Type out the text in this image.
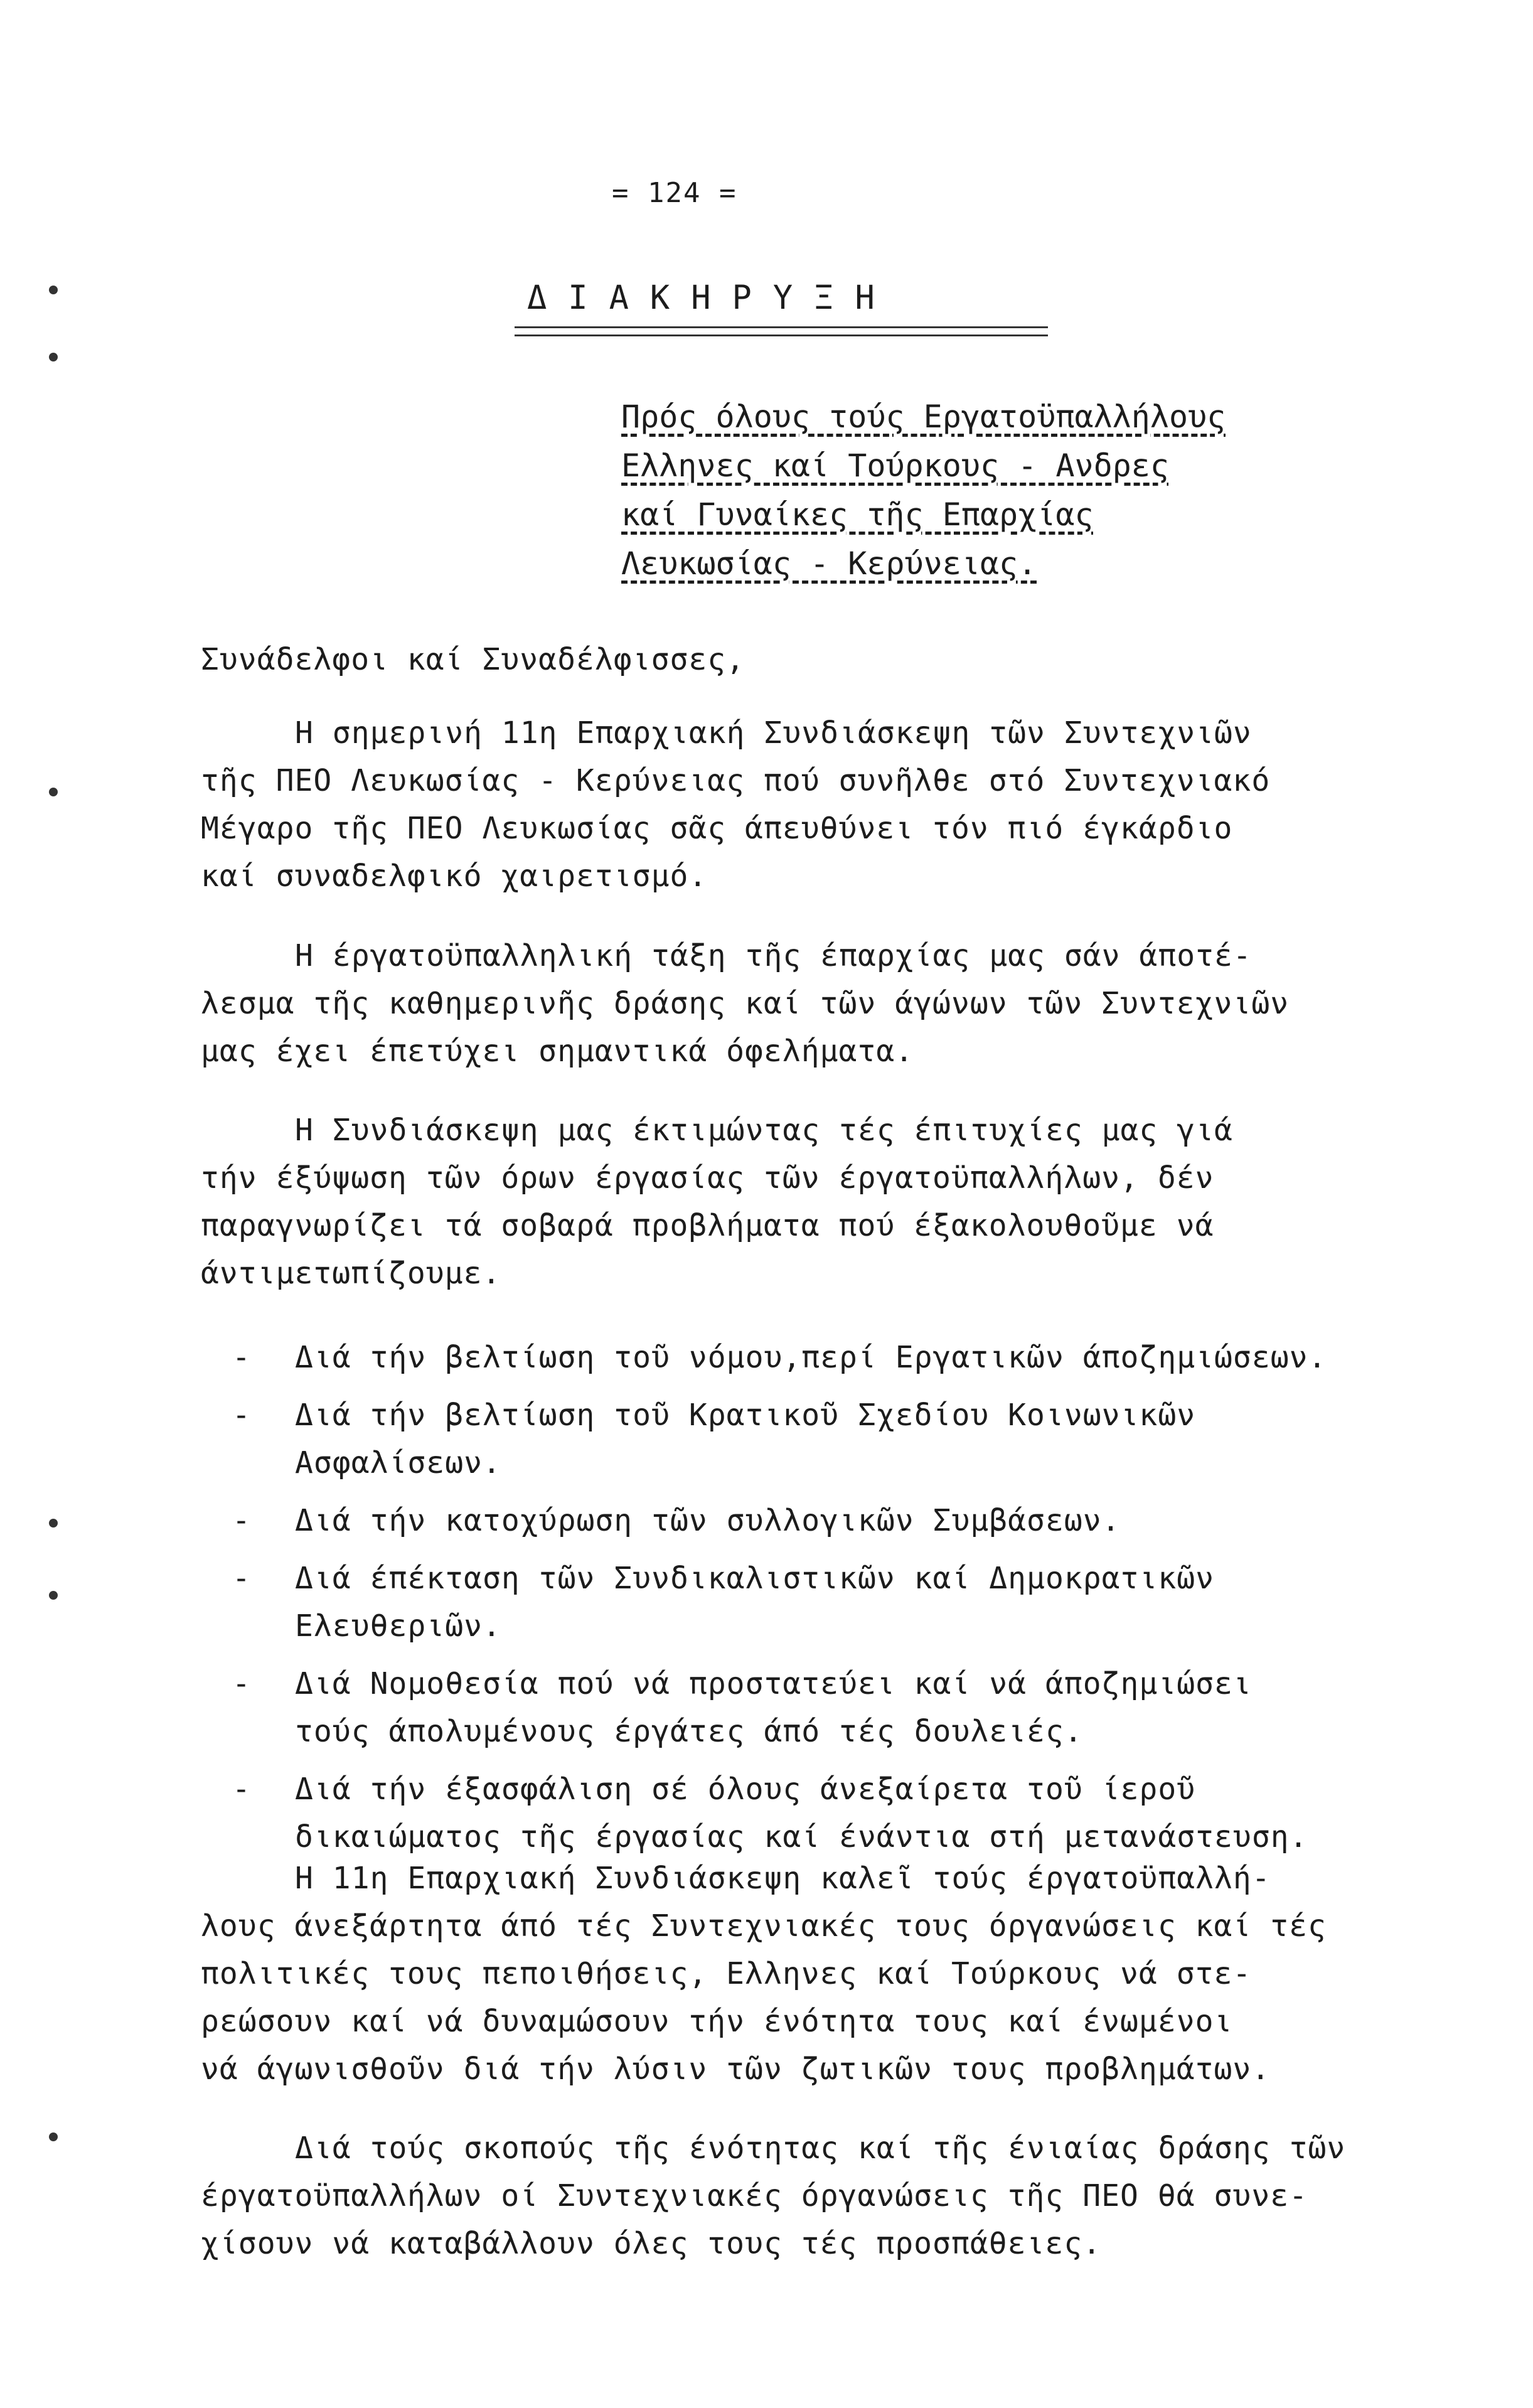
= 124 =
ΔΙΑΚΗΡΥΞΗ
Πρός όλους τούς Εργατοϋπαλλήλους
Ελληνες καί Τούρκους - Ανδρες
καί Γυναίκες τῆς Επαρχίας
Λευκωσίας - Κερύνειας.
Συνάδελφοι καί Συναδέλφισσες,
Η σημερινή 11η Επαρχιακή Συνδιάσκεψη τῶν Συντεχνιῶν
τῆς ΠΕΟ Λευκωσίας - Κερύνειας πού συνῆλθε στό Συντεχνιακό
Μέγαρο τῆς ΠΕΟ Λευκωσίας σᾶς άπευθύνει τόν πιό έγκάρδιο
καί συναδελφικό χαιρετισμό.
Η έργατοϋπαλληλική τάξη τῆς έπαρχίας μας σάν άποτέ-
λεσμα τῆς καθημερινῆς δράσης καί τῶν άγώνων τῶν Συντεχνιῶν
μας έχει έπετύχει σημαντικά όφελήματα.
Η Συνδιάσκεψη μας έκτιμώντας τές έπιτυχίες μας γιά
τήν έξύψωση τῶν όρων έργασίας τῶν έργατοϋπαλλήλων, δέν
παραγνωρίζει τά σοβαρά προβλήματα πού έξακολουθοῦμε νά
άντιμετωπίζουμε.
-	Διά τήν βελτίωση τοῦ νόμου,περί Εργατικῶν άποζημιώσεων.
-	Διά τήν βελτίωση τοῦ Κρατικοῦ Σχεδίου Κοινωνικῶν
Ασφαλίσεων.
-	Διά τήν κατοχύρωση τῶν συλλογικῶν Συμβάσεων.
-	Διά έπέκταση τῶν Συνδικαλιστικῶν καί Δημοκρατικῶν
Ελευθεριῶν.
-	Διά Νομοθεσία πού νά προστατεύει καί νά άποζημιώσει
τούς άπολυμένους έργάτες άπό τές δουλειές.
-	Διά τήν έξασφάλιση σέ όλους άνεξαίρετα τοῦ ίεροῦ
δικαιώματος τῆς έργασίας καί ένάντια στή μετανάστευση.
Η 11η Επαρχιακή Συνδιάσκεψη καλεῖ τούς έργατοϋπαλλή-
λους άνεξάρτητα άπό τές Συντεχνιακές τους όργανώσεις καί τές
πολιτικές τους πεποιθήσεις, Ελληνες καί Τούρκους νά στε-
ρεώσουν καί νά δυναμώσουν τήν ένότητα τους καί ένωμένοι
νά άγωνισθοῦν διά τήν λύσιν τῶν ζωτικῶν τους προβλημάτων.
Διά τούς σκοπούς τῆς ένότητας καί τῆς ένιαίας δράσης τῶν
έργατοϋπαλλήλων οί Συντεχνιακές όργανώσεις τῆς ΠΕΟ θά συνε-
χίσουν νά καταβάλλουν όλες τους τές προσπάθειες.
